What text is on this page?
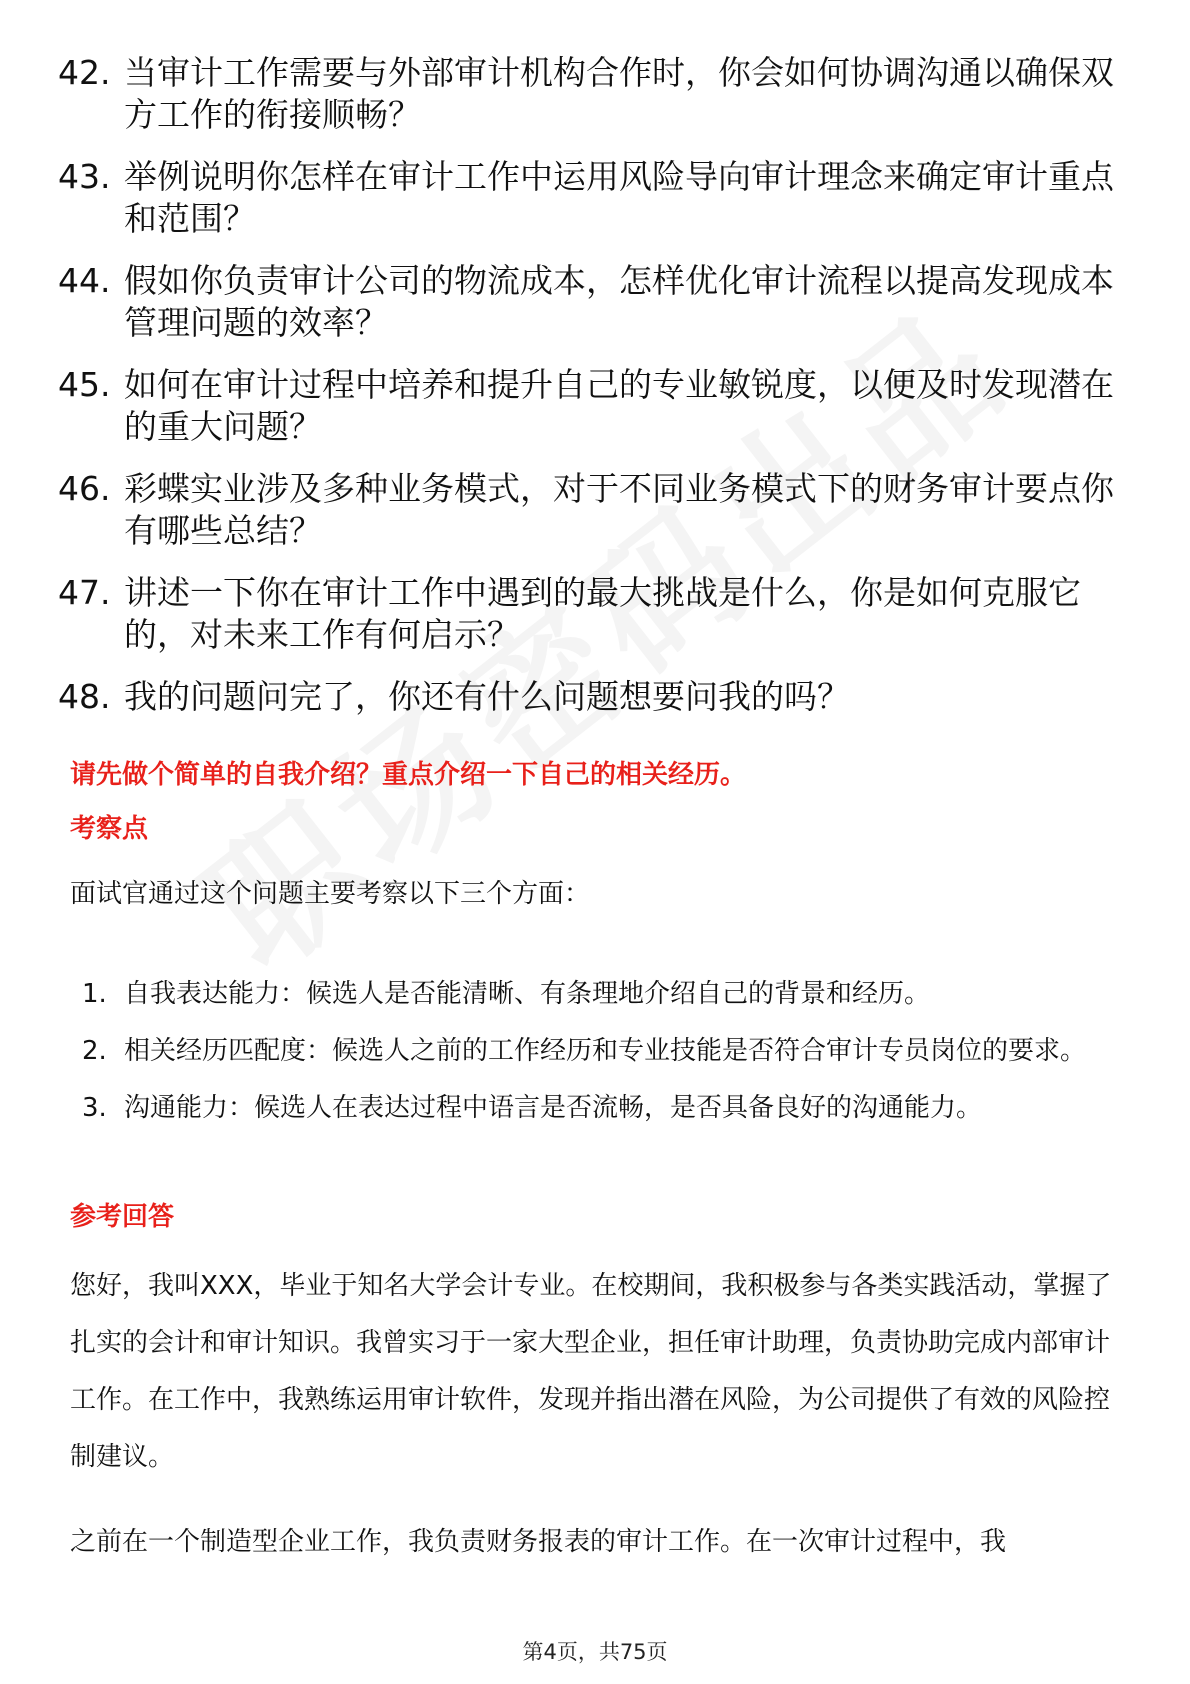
42. 当审计工作需要与外部审计机构合作时，你会如何协调沟通以确保双方工作的衔接顺畅？
43. 举例说明你怎样在审计工作中运用风险导向审计理念来确定审计重点和范围？
44. 假如你负责审计公司的物流成本，怎样优化审计流程以提高发现成本管理问题的效率？
45. 如何在审计过程中培养和提升自己的专业敏锐度，以便及时发现潜在的重大问题？
46. 彩蝶实业涉及多种业务模式，对于不同业务模式下的财务审计要点你有哪些总结？
47. 讲述一下你在审计工作中遇到的最大挑战是什么，你是如何克服它的，对未来工作有何启示？
48. 我的问题问完了，你还有什么问题想要问我的吗？
请先做个简单的自我介绍？重点介绍一下自己的相关经历。
考察点

面试官通过这个问题主要考察以下三个方面：

1. 自我表达能力：候选人是否能清晰、有条理地介绍自己的背景和经历。
2. 相关经历匹配度：候选人之前的工作经历和专业技能是否符合审计专员岗位的要求。
3. 沟通能力：候选人在表达过程中语言是否流畅，是否具备良好的沟通能力。
参考回答

您好，我叫XXX，毕业于知名大学会计专业。在校期间，我积极参与各类实践活动，掌握了扎实的会计和审计知识。我曾实习于一家大型企业，担任审计助理，负责协助完成内部审计工作。在工作中，我熟练运用审计软件，发现并指出潜在风险，为公司提供了有效的风险控制建议。

之前在一个制造型企业工作，我负责财务报表的审计工作。在一次审计过程中，我

第4页，共75页
